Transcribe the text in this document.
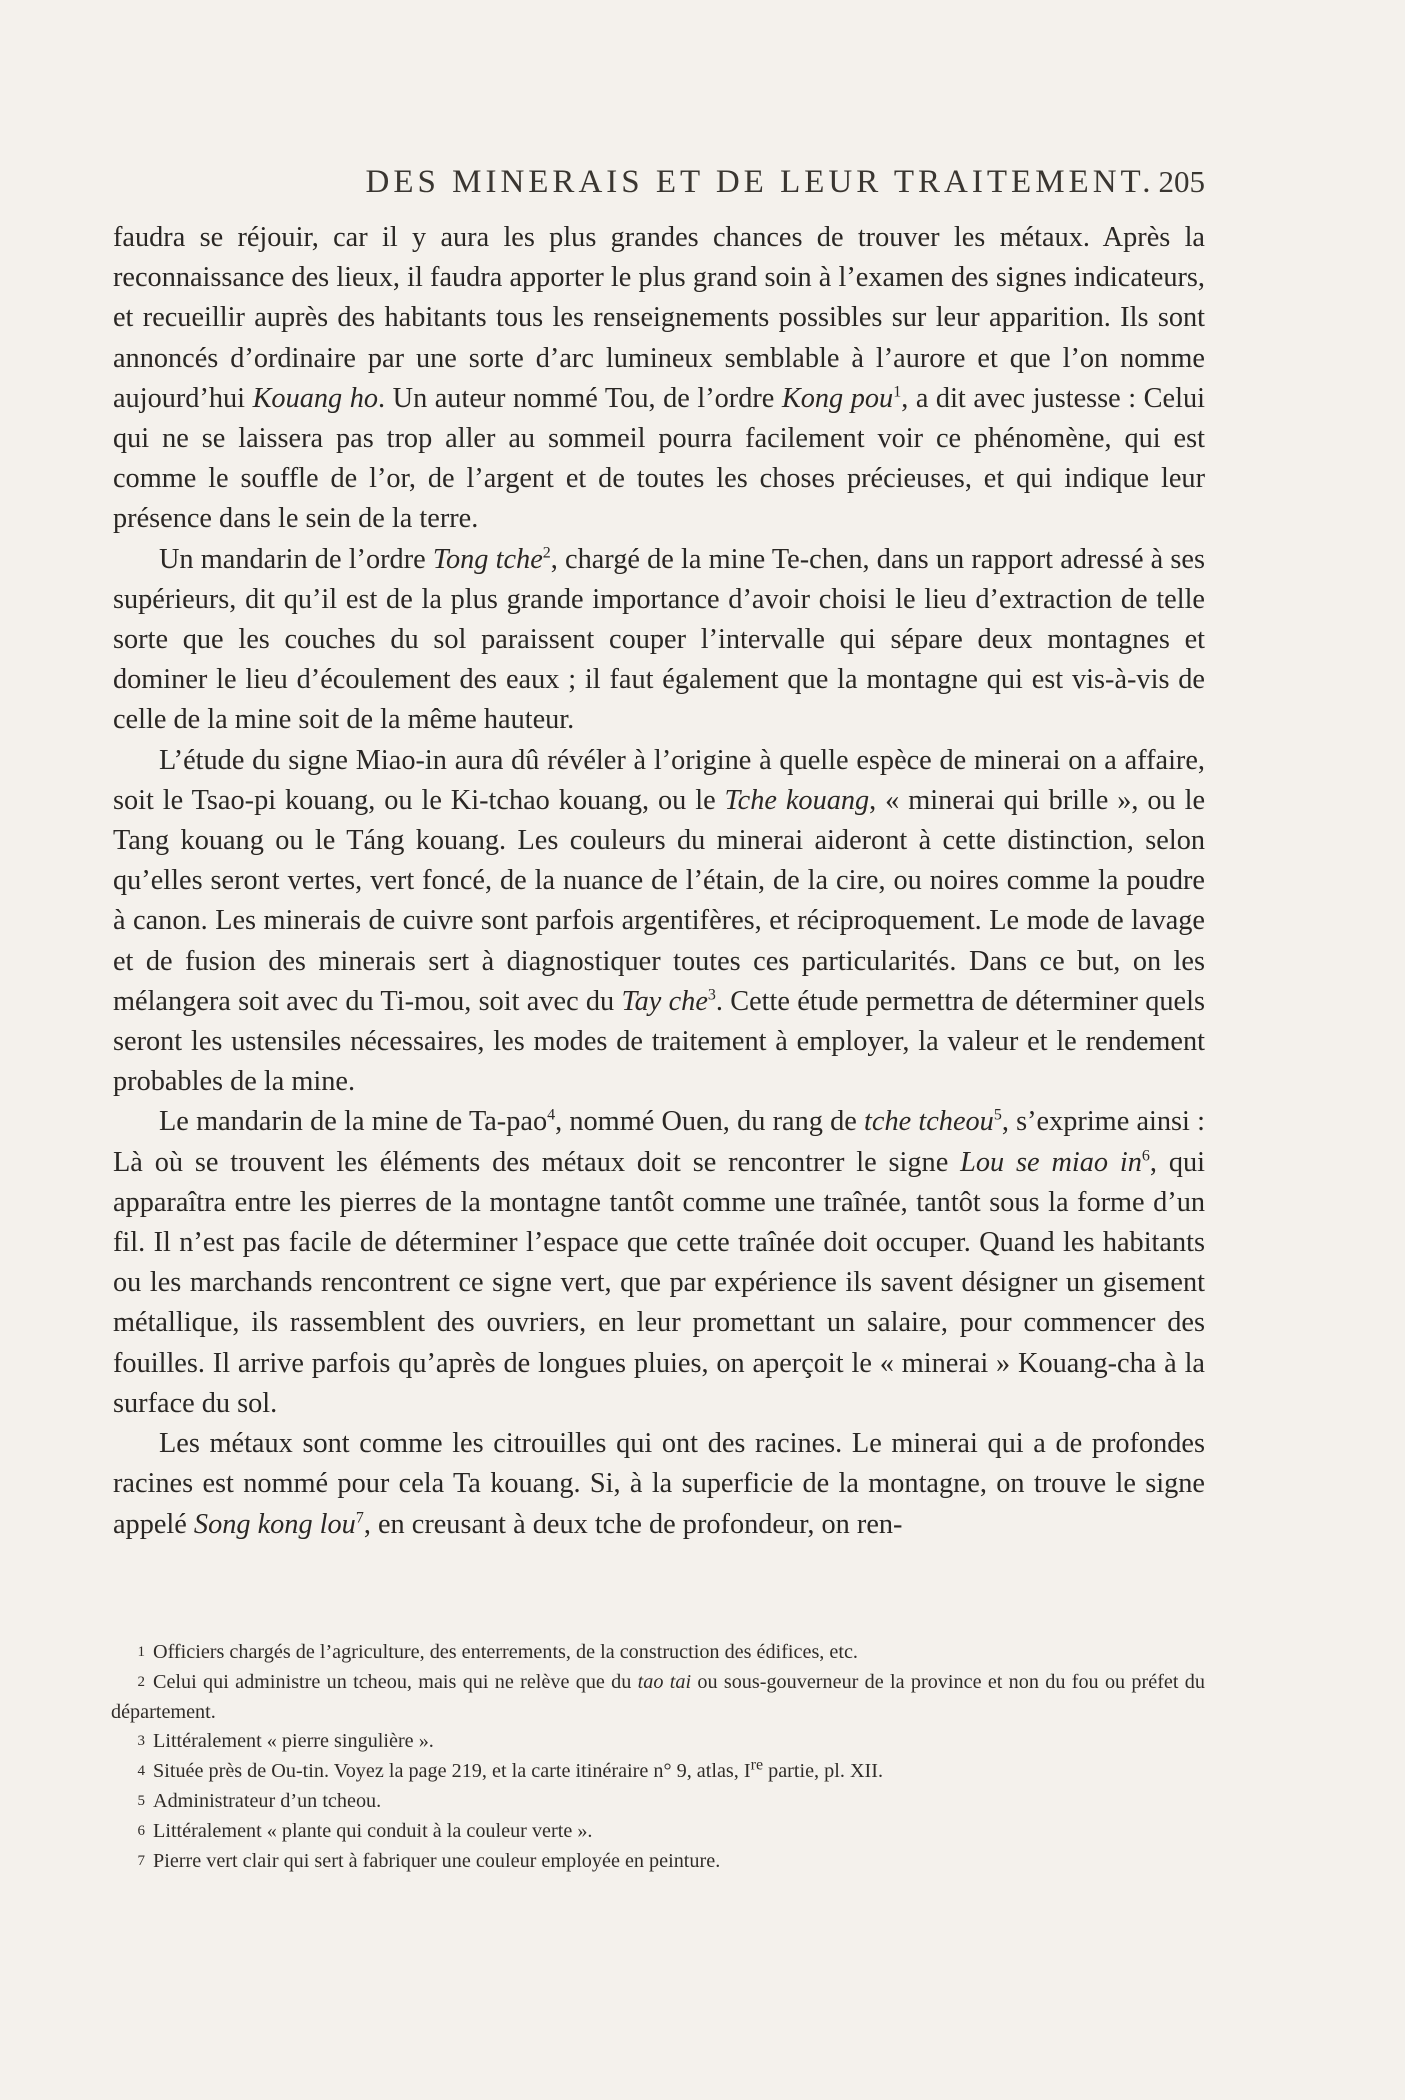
DES MINERAIS ET DE LEUR TRAITEMENT. 205

faudra se réjouir, car il y aura les plus grandes chances de trouver les métaux. Après la reconnaissance des lieux, il faudra apporter le plus grand soin à l’examen des signes indicateurs, et recueillir auprès des habitants tous les renseignements possibles sur leur apparition. Ils sont annoncés d’ordinaire par une sorte d’arc lumineux semblable à l’aurore et que l’on nomme aujourd’hui Kouang ho. Un auteur nommé Tou, de l’ordre Kong pou$^1$, a dit avec justesse : Celui qui ne se laissera pas trop aller au sommeil pourra facilement voir ce phénomène, qui est comme le souffle de l’or, de l’argent et de toutes les choses précieuses, et qui indique leur présence dans le sein de la terre.

Un mandarin de l’ordre Tong tche$^2$, chargé de la mine Te-chen, dans un rapport adressé à ses supérieurs, dit qu’il est de la plus grande importance d’avoir choisi le lieu d’extraction de telle sorte que les couches du sol paraissent couper l’intervalle qui sépare deux montagnes et dominer le lieu d’écoulement des eaux ; il faut également que la montagne qui est vis-à-vis de celle de la mine soit de la même hauteur.

L’étude du signe Miao-in aura dû révéler à l’origine à quelle espèce de minerai on a affaire, soit le Tsao-pi kouang, ou le Ki-tchao kouang, ou le Tche kouang, « minerai qui brille », ou le Tang kouang ou le Táng kouang. Les couleurs du minerai aideront à cette distinction, selon qu’elles seront vertes, vert foncé, de la nuance de l’étain, de la cire, ou noires comme la poudre à canon. Les minerais de cuivre sont parfois argentifères, et réciproquement. Le mode de lavage et de fusion des minerais sert à diagnostiquer toutes ces particularités. Dans ce but, on les mélangera soit avec du Ti-mou, soit avec du Tay che$^3$. Cette étude permettra de déterminer quels seront les ustensiles nécessaires, les modes de traitement à employer, la valeur et le rendement probables de la mine.

Le mandarin de la mine de Ta-pao$^4$, nommé Ouen, du rang de tche tcheou$^5$, s’exprime ainsi : Là où se trouvent les éléments des métaux doit se rencontrer le signe Lou se miao $in^6$, qui apparaîtra entre les pierres de la montagne tantôt comme une traînée, tantôt sous la forme d’un fil. Il n’est pas facile de déterminer l’espace que cette traînée doit occuper. Quand les habitants ou les marchands rencontrent ce signe vert, que par expérience ils savent désigner un gisement métallique, ils rassemblent des ouvriers, en leur promettant un salaire, pour commencer des fouilles. Il arrive parfois qu’après de longues pluies, on aperçoit le « minerai » Kouang-cha à la surface du sol.

Les métaux sont comme les citrouilles qui ont des racines. Le minerai qui a de profondes racines est nommé pour cela Ta kouang. Si, à la superficie de la montagne, on trouve le signe appelé Song kong lou$^7$, en creusant à deux tche de profondeur, on ren-

1 Officiers chargés de l’agriculture, des enterrements, de la construction des édifices, etc.

2 Celui qui administre un tcheou, mais qui ne relève que du tao tai ou sous-gouverneur de la province et non du fou ou préfet du département.

3 Littéralement « pierre singulière ».

4 Située près de Ou-tin. Voyez la page 219, et la carte itinéraire n° 9, atlas, Ire partie, pl. XII.

5 Administrateur d’un tcheou.

6 Littéralement « plante qui conduit à la couleur verte ».

7 Pierre vert clair qui sert à fabriquer une couleur employée en peinture.
